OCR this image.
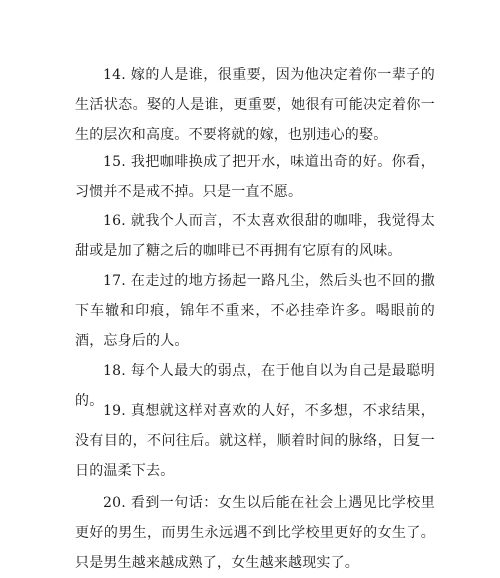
14. 嫁的人是谁，很重要，因为他决定着你一辈子的生活状态。娶的人是谁，更重要，她很有可能决定着你一生的层次和高度。不要将就的嫁，也别违心的娶。

15. 我把咖啡换成了把开水，味道出奇的好。你看，习惯并不是戒不掉。只是一直不愿。

16. 就我个人而言，不太喜欢很甜的咖啡，我觉得太甜或是加了糖之后的咖啡已不再拥有它原有的风味。

17. 在走过的地方扬起一路凡尘，然后头也不回的撒下车辙和印痕，锦年不重来，不必挂牵许多。喝眼前的酒，忘身后的人。

18. 每个人最大的弱点，在于他自以为自己是最聪明的。

19. 真想就这样对喜欢的人好，不多想，不求结果，没有目的，不问往后。就这样，顺着时间的脉络，日复一日的温柔下去。

20. 看到一句话：女生以后能在社会上遇见比学校里更好的男生，而男生永远遇不到比学校里更好的女生了。只是男生越来越成熟了，女生越来越现实了。
